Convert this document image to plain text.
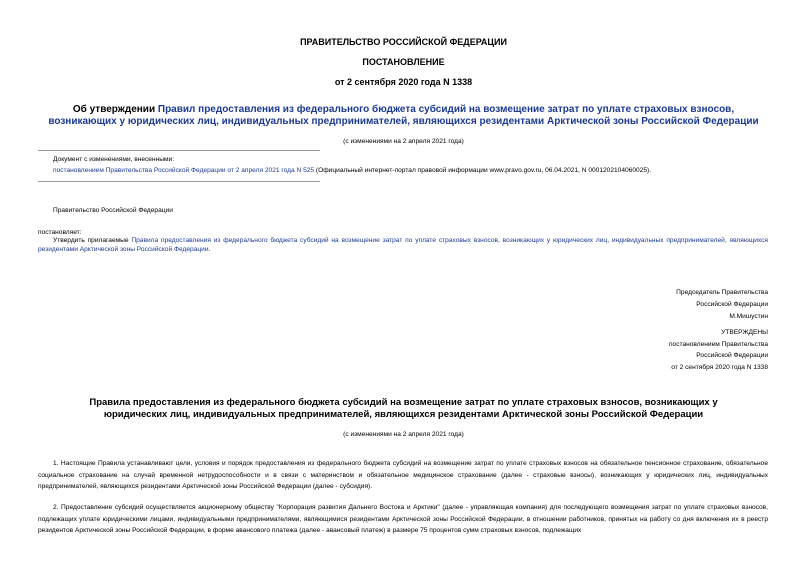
ПРАВИТЕЛЬСТВО РОССИЙСКОЙ ФЕДЕРАЦИИ
ПОСТАНОВЛЕНИЕ
от 2 сентября 2020 года N 1338
Об утверждении Правил предоставления из федерального бюджета субсидий на возмещение затрат по уплате страховых взносов, возникающих у юридических лиц, индивидуальных предпринимателей, являющихся резидентами Арктической зоны Российской Федерации
(с изменениями на 2 апреля 2021 года)
Документ с изменениями, внесенными:
постановлением Правительства Российской Федерации от 2 апреля 2021 года N 525 (Официальный интернет-портал правовой информации www.pravo.gov.ru, 06.04.2021, N 0001202104060025).
Правительство Российской Федерации
постановляет:
Утвердить прилагаемые Правила предоставления из федерального бюджета субсидий на возмещение затрат по уплате страховых взносов, возникающих у юридических лиц, индивидуальных предпринимателей, являющихся резидентами Арктической зоны Российской Федерации.
Председатель Правительства
Российской Федерации
М.Мишустин
УТВЕРЖДЕНЫ
постановлением Правительства
Российской Федерации
от 2 сентября 2020 года N 1338
Правила предоставления из федерального бюджета субсидий на возмещение затрат по уплате страховых взносов, возникающих у юридических лиц, индивидуальных предпринимателей, являющихся резидентами Арктической зоны Российской Федерации
(с изменениями на 2 апреля 2021 года)
1. Настоящие Правила устанавливают цели, условия и порядок предоставления из федерального бюджета субсидий на возмещение затрат по уплате страховых взносов на обязательное пенсионное страхование, обязательное социальное страхование на случай временной нетрудоспособности и в связи с материнством и обязательное медицинское страхование (далее - страховые взносы), возникающих у юридических лиц, индивидуальных предпринимателей, являющихся резидентами Арктической зоны Российской Федерации (далее - субсидия).
2. Предоставление субсидий осуществляется акционерному обществу "Корпорация развития Дальнего Востока и Арктики" (далее - управляющая компания) для последующего возмещения затрат по уплате страховых взносов, подлежащих уплате юридическими лицами, индивидуальными предпринимателями, являющимися резидентами Арктической зоны Российской Федерации, в отношении работников, принятых на работу со дня включения их в реестр резидентов Арктической зоны Российской Федерации, в форме авансового платежа (далее - авансовый платеж) в размере 75 процентов сумм страховых взносов, подлежащих
